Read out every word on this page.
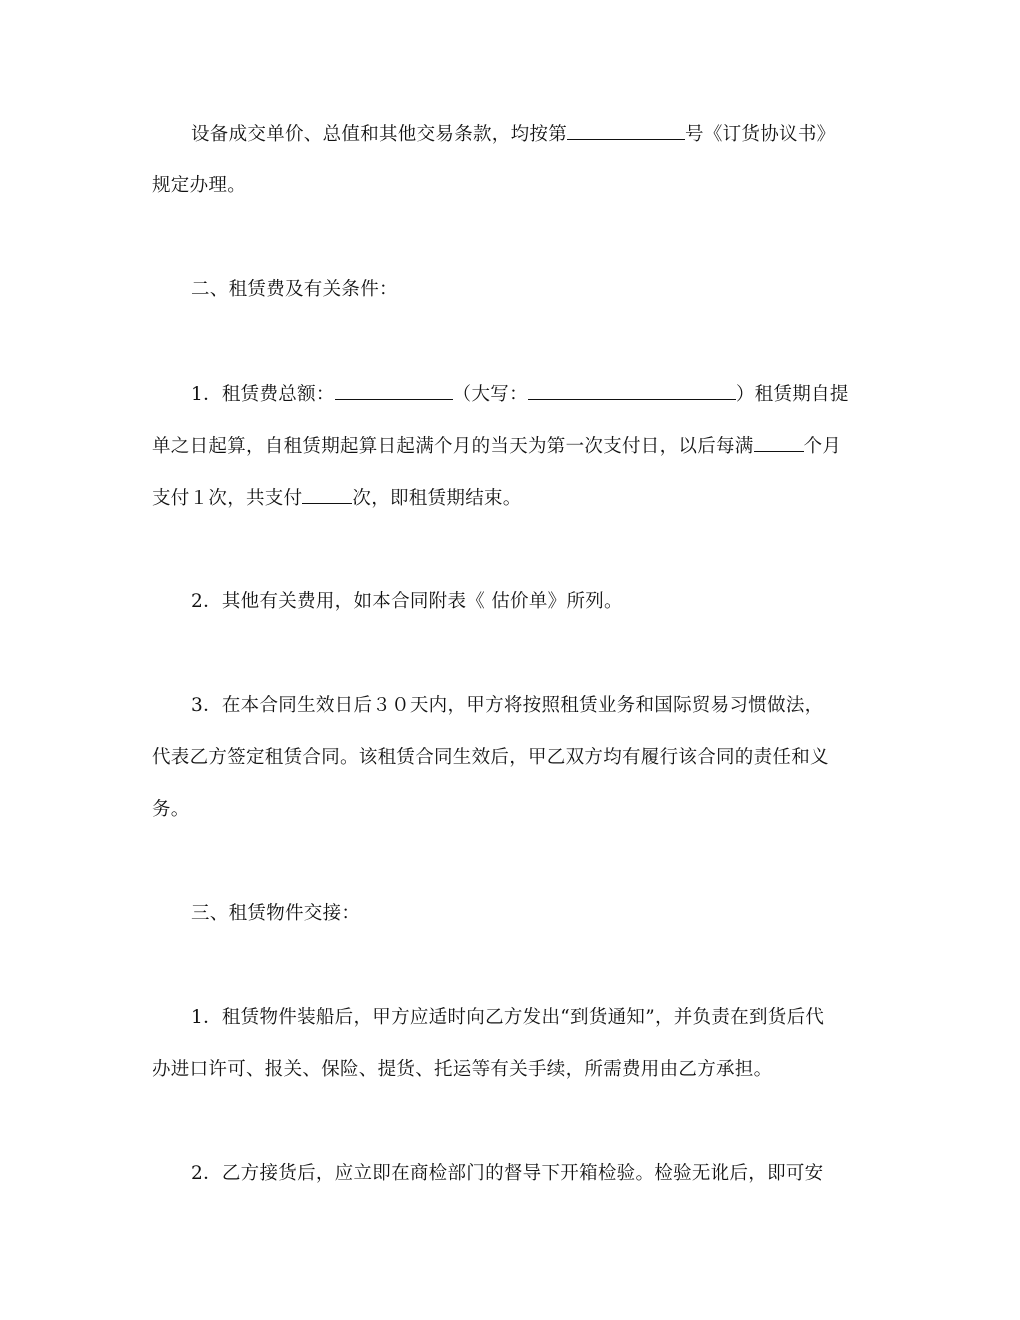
设备成交单价、总值和其他交易条款，均按第	号《订货协议书》
规定办理。
二、租赁费及有关条件：
1．租赁费总额：	（大写：	）租赁期自提
单之日起算，自租赁期起算日起满个月的当天为第一次支付日，以后每满	个月
支付１次，共支付	次，即租赁期结束。
2．其他有关费用，如本合同附表《 估价单》所列。
3．在本合同生效日后３０天内，甲方将按照租赁业务和国际贸易习惯做法，
代表乙方签定租赁合同。该租赁合同生效后，甲乙双方均有履行该合同的责任和义
务。
三、租赁物件交接：
1．租赁物件装船后，甲方应适时向乙方发出“到货通知”，并负责在到货后代
办进口许可、报关、保险、提货、托运等有关手续，所需费用由乙方承担。
2．乙方接货后，应立即在商检部门的督导下开箱检验。检验无讹后，即可安
